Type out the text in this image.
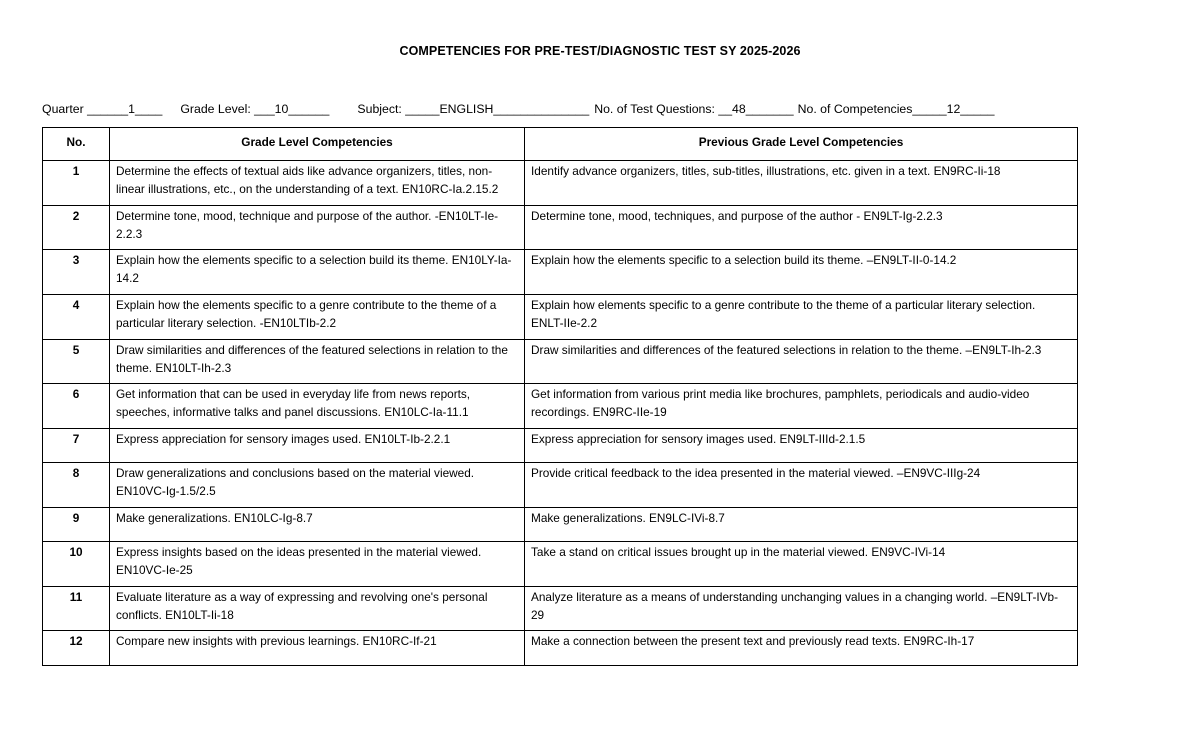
COMPETENCIES FOR PRE-TEST/DIAGNOSTIC TEST SY 2025-2026
Quarter ______1____ Grade Level: ___10______ Subject: _____ENGLISH______________ No. of Test Questions: __48_______ No. of Competencies_____12_____
No.	Grade Level Competencies	Previous Grade Level Competencies
1	Determine the effects of textual aids like advance organizers, titles, non-linear illustrations, etc., on the understanding of a text. EN10RC-Ia.2.15.2	Identify advance organizers, titles, sub-titles, illustrations, etc. given in a text. EN9RC-Ii-18
2	Determine tone, mood, technique and purpose of the author. -EN10LT-Ie-2.2.3	Determine tone, mood, techniques, and purpose of the author - EN9LT-Ig-2.2.3
3	Explain how the elements specific to a selection build its theme. EN10LY-Ia-14.2	Explain how the elements specific to a selection build its theme. –EN9LT-II-0-14.2
4	Explain how the elements specific to a genre contribute to the theme of a particular literary selection. -EN10LTIb-2.2	Explain how elements specific to a genre contribute to the theme of a particular literary selection. ENLT-IIe-2.2
5	Draw similarities and differences of the featured selections in relation to the theme. EN10LT-Ih-2.3	Draw similarities and differences of the featured selections in relation to the theme. –EN9LT-Ih-2.3
6	Get information that can be used in everyday life from news reports, speeches, informative talks and panel discussions. EN10LC-Ia-11.1	Get information from various print media like brochures, pamphlets, periodicals and audio-video recordings. EN9RC-IIe-19
7	Express appreciation for sensory images used. EN10LT-Ib-2.2.1	Express appreciation for sensory images used. EN9LT-IIId-2.1.5
8	Draw generalizations and conclusions based on the material viewed. EN10VC-Ig-1.5/2.5	Provide critical feedback to the idea presented in the material viewed. –EN9VC-IIIg-24
9	Make generalizations. EN10LC-Ig-8.7	Make generalizations. EN9LC-IVi-8.7
10	Express insights based on the ideas presented in the material viewed. EN10VC-Ie-25	Take a stand on critical issues brought up in the material viewed. EN9VC-IVi-14
11	Evaluate literature as a way of expressing and revolving one's personal conflicts. EN10LT-Ii-18	Analyze literature as a means of understanding unchanging values in a changing world. –EN9LT-IVb-29
12	Compare new insights with previous learnings. EN10RC-If-21	Make a connection between the present text and previously read texts. EN9RC-Ih-17
